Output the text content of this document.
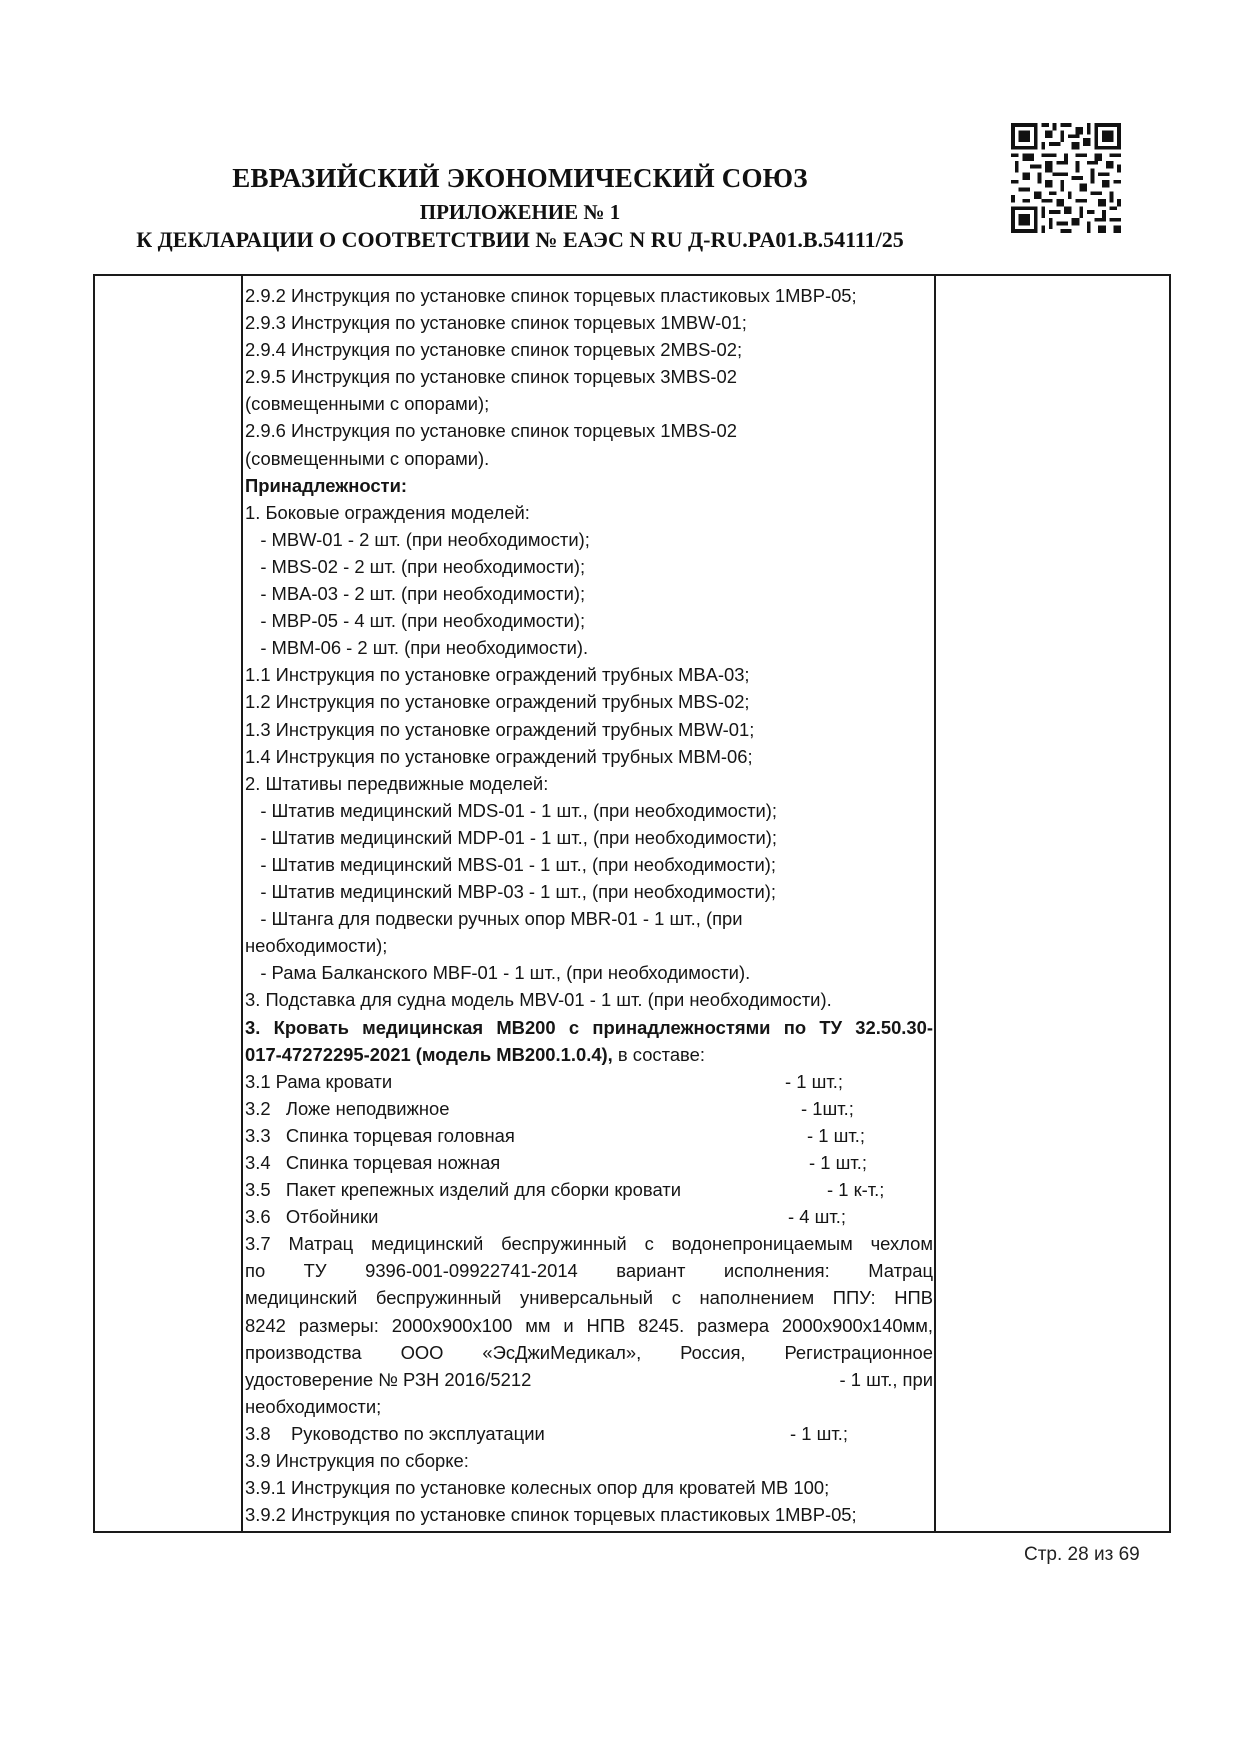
ЕВРАЗИЙСКИЙ ЭКОНОМИЧЕСКИЙ СОЮЗ
ПРИЛОЖЕНИЕ № 1
К ДЕКЛАРАЦИИ О СООТВЕТСТВИИ № ЕАЭС N RU Д-RU.PA01.B.54111/25
2.9.2 Инструкция по установке спинок торцевых пластиковых 1MBP-05;
2.9.3 Инструкция по установке спинок торцевых 1MBW-01;
2.9.4 Инструкция по установке спинок торцевых 2MBS-02;
2.9.5 Инструкция по установке спинок торцевых 3MBS-02
(совмещенными с опорами);
2.9.6 Инструкция по установке спинок торцевых 1MBS-02
(совмещенными с опорами).
Принадлежности:
1. Боковые ограждения моделей:
- MBW-01 - 2 шт. (при необходимости);
- MBS-02 - 2 шт. (при необходимости);
- MBA-03 - 2 шт. (при необходимости);
- MBP-05 - 4 шт. (при необходимости);
- MBM-06 - 2 шт. (при необходимости).
1.1 Инструкция по установке ограждений трубных MBA-03;
1.2 Инструкция по установке ограждений трубных MBS-02;
1.3 Инструкция по установке ограждений трубных MBW-01;
1.4 Инструкция по установке ограждений трубных MBM-06;
2. Штативы передвижные моделей:
- Штатив медицинский MDS-01 - 1 шт., (при необходимости);
- Штатив медицинский MDP-01 - 1 шт., (при необходимости);
- Штатив медицинский MBS-01 - 1 шт., (при необходимости);
- Штатив медицинский MBP-03 - 1 шт., (при необходимости);
- Штанга для подвески ручных опор MBR-01 - 1 шт., (при
необходимости);
- Рама Балканского MBF-01 - 1 шт., (при необходимости).
3. Подставка для судна модель MBV-01 - 1 шт. (при необходимости).
3. Кровать медицинская МВ200 с принадлежностями по ТУ 32.50.30-
017-47272295-2021 (модель МВ200.1.0.4), в составе:
3.1 Рама кровати	- 1 шт.;
3.2   Ложе неподвижное	- 1шт.;
3.3   Спинка торцевая головная	- 1 шт.;
3.4   Спинка торцевая ножная	- 1 шт.;
3.5   Пакет крепежных изделий для сборки кровати	- 1 к-т.;
3.6   Отбойники	- 4 шт.;
3.7 Матрац медицинский беспружинный с водонепроницаемым чехлом
по ТУ 9396-001-09922741-2014 вариант исполнения: Матрац
медицинский беспружинный универсальный с наполнением ППУ: НПВ
8242 размеры: 2000х900х100 мм и НПВ 8245. размера 2000х900х140мм,
производства ООО «ЭсДжиМедикал», Россия, Регистрационное
удостоверение № РЗН 2016/5212	- 1 шт., при
необходимости;
3.8    Руководство по эксплуатации	- 1 шт.;
3.9 Инструкция по сборке:
3.9.1 Инструкция по установке колесных опор для кроватей МВ 100;
3.9.2 Инструкция по установке спинок торцевых пластиковых 1MBP-05;
Стр. 28 из 69
